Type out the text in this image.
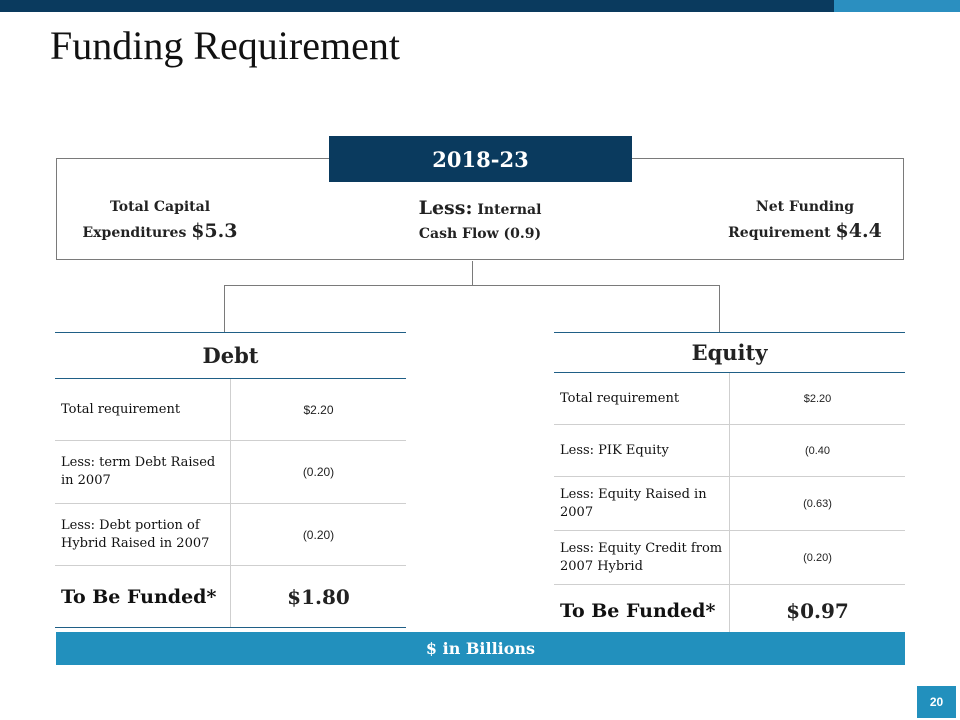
Funding Requirement
2018-23
Total Capital
Expenditures $5.3
Less: Internal
Cash Flow (0.9)
Net Funding
Requirement $4.4
Debt
Total requirement	$2.20
Less: term Debt Raised in 2007	(0.20)
Less: Debt portion of Hybrid Raised in 2007	(0.20)
To Be Funded*	$1.80
Equity
Total requirement	$2.20
Less: PIK Equity	(0.40
Less: Equity Raised in 2007	(0.63)
Less: Equity Credit from 2007 Hybrid	(0.20)
To Be Funded*	$0.97
$ in Billions
20
